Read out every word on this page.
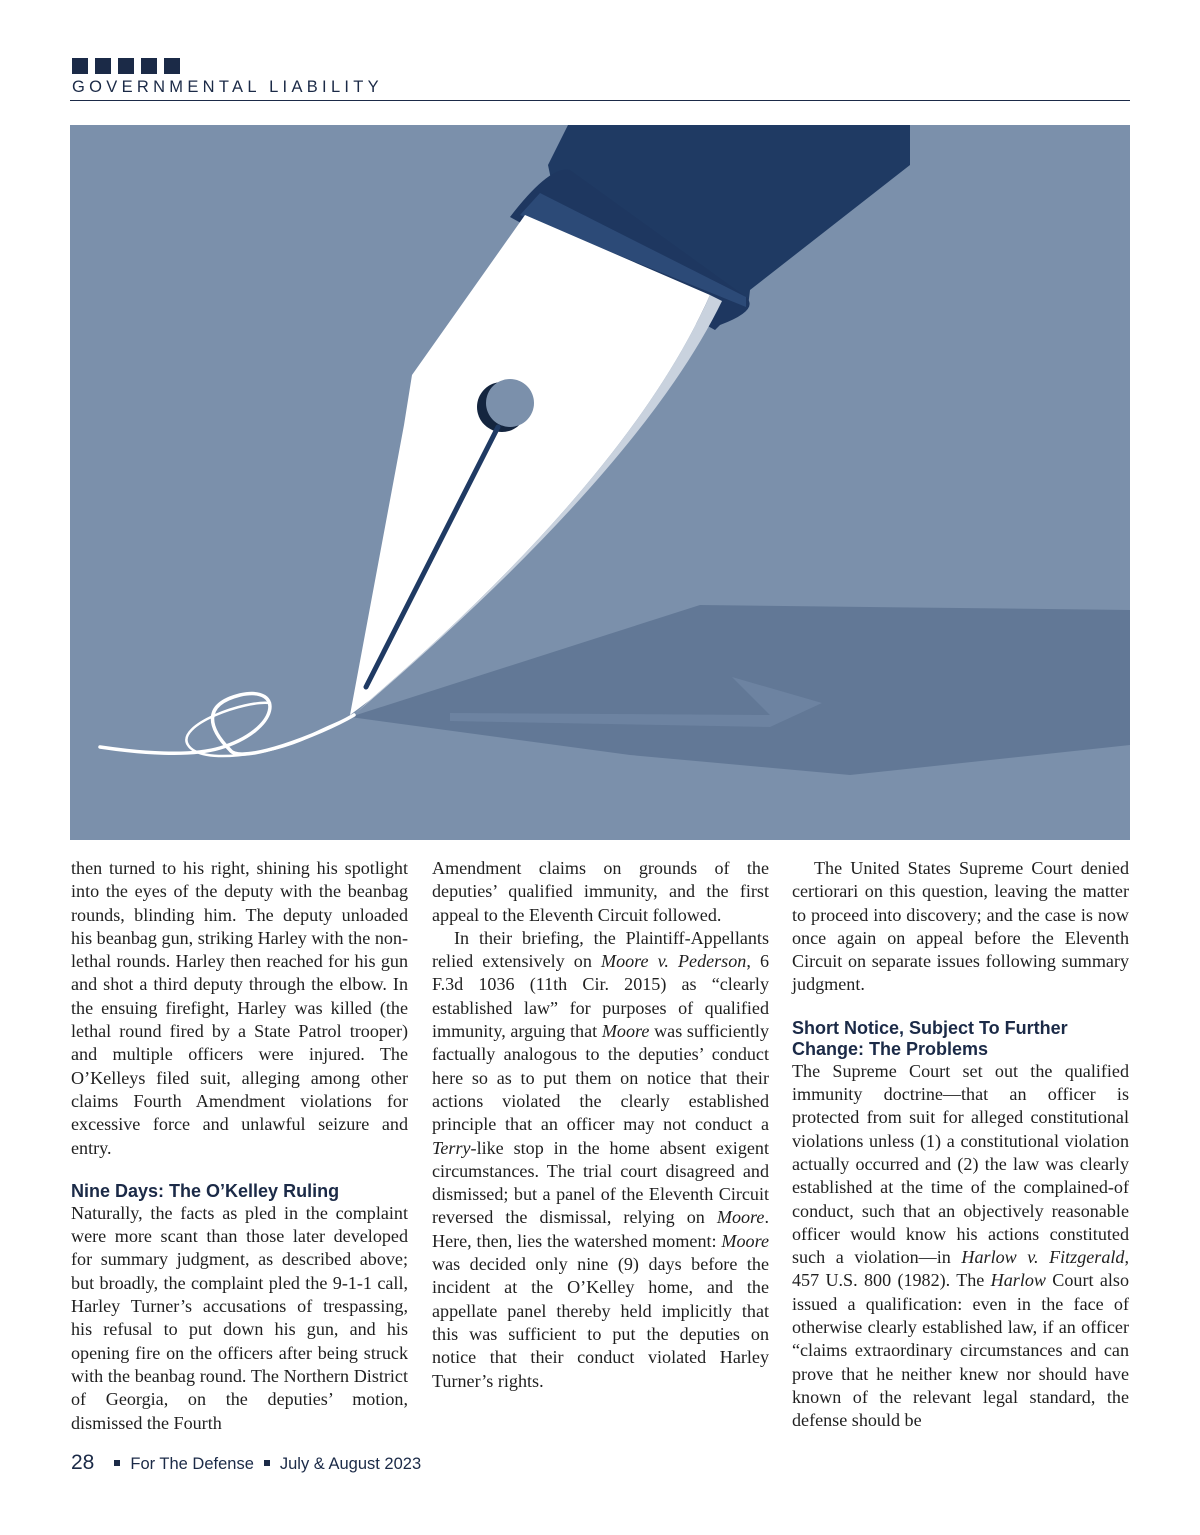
GOVERNMENTAL LIABILITY

then turned to his right, shining his spotlight into the eyes of the deputy with the beanbag rounds, blinding him. The deputy unloaded his beanbag gun, striking Harley with the non-lethal rounds. Harley then reached for his gun and shot a third deputy through the elbow. In the ensuing firefight, Harley was killed (the lethal round fired by a State Patrol trooper) and multiple officers were injured. The O’Kelleys filed suit, alleging among other claims Fourth Amendment violations for excessive force and unlawful seizure and entry.

Nine Days: The O’Kelley Ruling

Naturally, the facts as pled in the complaint were more scant than those later developed for summary judgment, as described above; but broadly, the complaint pled the 9-1-1 call, Harley Turner’s accusations of trespassing, his refusal to put down his gun, and his opening fire on the officers after being struck with the beanbag round. The Northern District of Georgia, on the deputies’ motion, dismissed the Fourth

Amendment claims on grounds of the deputies’ qualified immunity, and the first appeal to the Eleventh Circuit followed.

In their briefing, the Plaintiff-Appellants relied extensively on Moore v. Pederson, 6 F.3d 1036 (11th Cir. 2015) as “clearly established law” for purposes of qualified immunity, arguing that Moore was sufficiently factually analogous to the deputies’ conduct here so as to put them on notice that their actions violated the clearly established principle that an officer may not conduct a Terry-like stop in the home absent exigent circumstances. The trial court disagreed and dismissed; but a panel of the Eleventh Circuit reversed the dismissal, relying on Moore. Here, then, lies the watershed moment: Moore was decided only nine (9) days before the incident at the O’Kelley home, and the appellate panel thereby held implicitly that this was sufficient to put the deputies on notice that their conduct violated Harley Turner’s rights.

The United States Supreme Court denied certiorari on this question, leaving the matter to proceed into discovery; and the case is now once again on appeal before the Eleventh Circuit on separate issues following summary judgment.

Short Notice, Subject To Further Change: The Problems

The Supreme Court set out the qualified immunity doctrine—that an officer is protected from suit for alleged constitutional violations unless (1) a constitutional violation actually occurred and (2) the law was clearly established at the time of the complained-of conduct, such that an objectively reasonable officer would know his actions constituted such a violation—in Harlow v. Fitzgerald, 457 U.S. 800 (1982). The Harlow Court also issued a qualification: even in the face of otherwise clearly established law, if an officer “claims extraordinary circumstances and can prove that he neither knew nor should have known of the relevant legal standard, the defense should be

28 For The Defense July & August 2023
